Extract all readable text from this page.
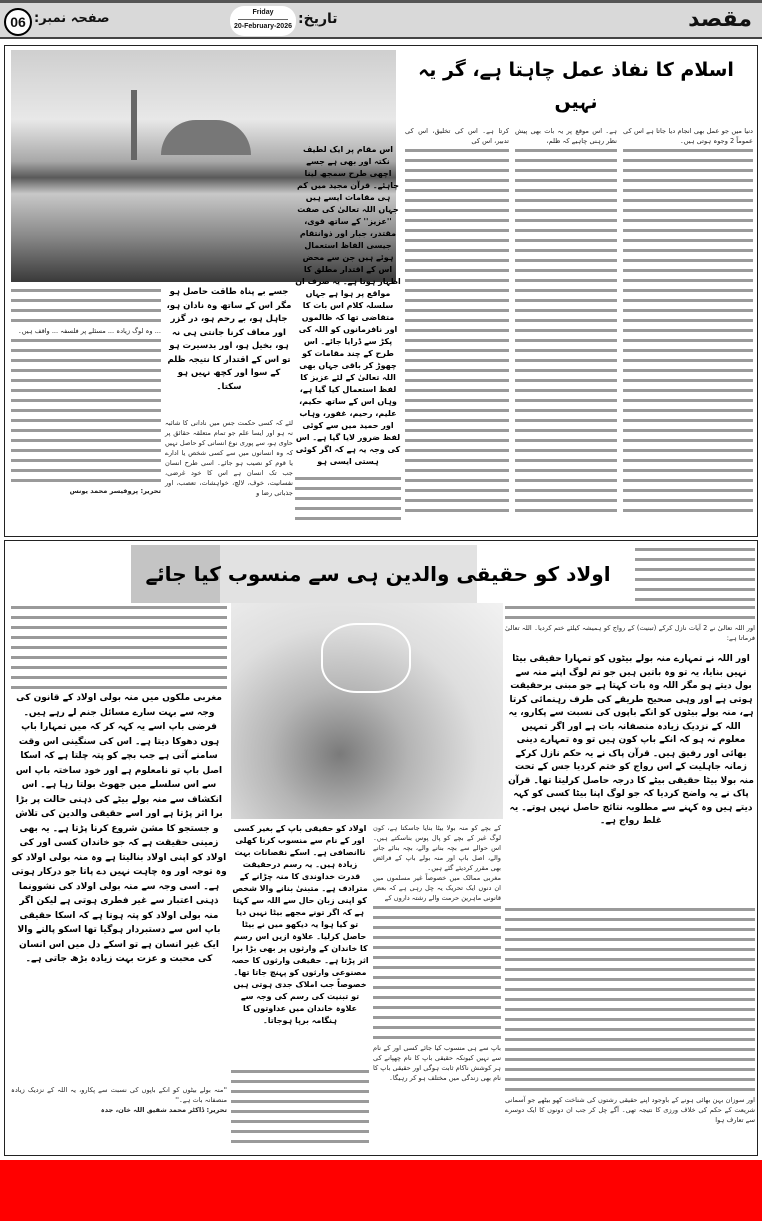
مقصد
تاریخ:
Friday
20-February-2026
صفحہ نمبر:
06
اسلام کا نفاذ عمل چاہتا ہے، گر یہ نہیں

دنیا میں جو عمل بھی انجام دیا جاتا ہے اس کی عموماً 2 وجوہ ہوتی ہیں۔

ہے۔ اس موقع پر یہ بات بھی پیش نظر رہنی چاہیے کہ ظلم،

کرتا ہے۔ اس کی تخلیق، اس کی تدبیر، اس کی

اس مقام پر ایک لطیف نکتہ اور بھی ہے جسے اچھی طرح سمجھ لینا چاہئے۔ قرآن مجید میں کم ہی مقامات ایسے ہیں جہاں اللہ تعالیٰ کی صفت ''عزیز'' کے ساتھ قوی، مقتدر، جبار اور ذوانتقام جیسی الفاظ استعمال ہوئے ہیں جن سے محض اس کے اقتدار مطلق کا اظہار ہوتا ہے۔ یہ صرف ان مواقع پر ہوا ہے جہاں سلسلہ کلام اس بات کا متقاضی تھا کہ ظالموں اور نافرمانوں کو اللہ کی پکڑ سے ڈرایا جائے۔ اس طرح کے چند مقامات کو چھوڑ کر باقی جہاں بھی اللہ تعالیٰ کے لئے عزیز کا لفظ استعمال کیا گیا ہے، وہاں اس کے ساتھ حکیم، علیم، رحیم، غفور، وہاب اور حمید میں سے کوئی لفظ ضرور لایا گیا ہے۔ اس کی وجہ یہ ہے کہ اگر کوئی ہستی ایسی ہو
جسے بے پناہ طاقت حاصل ہو مگر اس کے ساتھ وہ نادان ہو، جاہل ہو، بے رحم ہو، در گزر اور معاف کرنا جانتی ہی نہ ہو، بخیل ہو، اور بدسیرت ہو تو اس کے اقتدار کا نتیجہ ظلم کے سوا اور کچھ نہیں ہو سکتا۔

لئے کہ کسی حکمت جس میں نادانی کا شائبہ نہ ہو اور ایسا علم جو تمام متعلقہ حقائق پر حاوی ہو، سے پوری نوع انسانی کو حاصل نہیں کہ وہ انسانوں میں سے کسی شخص یا ادارے یا قوم کو نصیب ہو جائے۔ اسی طرح انسان جب تک انسان ہے اس کا خود غرضی، نفسانیت، خوف، لالچ، خواہشات، تعصب، اور جذباتی رضا و

... وہ لوگ زیادہ ... مسئلے پر فلسفہ ... واقف ہیں۔

تحریر: پروفیسر محمد یونس

اولاد کو حقیقی والدین ہی سے منسوب کیا جائے

اور اللہ تعالیٰ نے 2 آیات نازل کرکے (تبنیت) کے رواج کو ہمیشہ کیلئے ختم کردیا۔ اللہ تعالیٰ فرماتا ہے:

اور اللہ نے تمہارے منہ بولے بیٹوں کو تمہارا حقیقی بیٹا نہیں بنایا، یہ تو وہ باتیں ہیں جو تم لوگ اپنے منہ سے بول دیتے ہو مگر اللہ وہ بات کہتا ہے جو مبنی برحقیقت ہوتی ہے اور وہی صحیح طریقے کی طرف رہنمائی کرتا ہے، منہ بولے بیٹوں کو انکے باپوں کی نسبت سے پکارو، یہ اللہ کے نزدیک زیادہ منصفانہ بات ہے اور اگر تمہیں معلوم نہ ہو کہ انکے باپ کون ہیں تو وہ تمہارے دینی بھائی اور رفیق ہیں۔ قرآن پاک نے یہ حکم نازل کرکے زمانہ جاہلیت کے اس رواج کو ختم کردیا جس کے تحت منہ بولا بیٹا حقیقی بیٹے کا درجہ حاصل کرلیتا تھا۔ قرآن پاک نے یہ واضح کردیا کہ جو لوگ اپنا بیٹا کسی کو کہہ دیتے ہیں وہ کہنے سے مطلوبہ نتائج حاصل نہیں ہوتے۔ یہ غلط رواج ہے۔

اور سوزان بہن بھائی ہونے کے باوجود اپنے حقیقی رشتوں کی شناخت کھو بیٹھے جو آسمانی شریعت کے حکم کی خلاف ورزی کا نتیجہ تھی۔ آگے چل کر جب ان دونوں کا ایک دوسرے سے تعارف ہوا

مغربی ملکوں میں منہ بولی اولاد کے قانون کی وجہ سے بہت سارے مسائل جنم لے رہے ہیں۔ فرضی باپ اسے یہ کہہ کر کہ میں تمہارا باپ ہوں دھوکا دیتا ہے۔ اس کی سنگینی اس وقت سامنے آتی ہے جب بچے کو پتہ چلتا ہے کہ اسکا اصل باپ تو نامعلوم ہے اور خود ساختہ باپ اس سے اس سلسلے میں جھوٹ بولتا رہا ہے۔ اس انکشاف سے منہ بولے بیٹے کی ذہنی حالت پر بڑا برا اثر پڑتا ہے اور اسے حقیقی والدین کی تلاش و جستجو کا مشن شروع کرنا پڑتا ہے۔ یہ بھی زمینی حقیقت ہے کہ جو خاندان کسی اور کی اولاد کو اپنی اولاد بنالیتا ہے وہ منہ بولی اولاد کو وہ توجہ اور وہ چاہت نہیں دے پاتا جو درکار ہوتی ہے۔ اسی وجہ سے منہ بولی اولاد کی نشوونما ذہنی اعتبار سے غیر فطری ہوتی ہے لیکن اگر منہ بولی اولاد کو پتہ ہوتا ہے کہ اسکا حقیقی باپ اس سے دستبردار ہوگیا تھا اسکو پالنے والا ایک غیر انسان ہے تو اسکے دل میں اس انسان کی محبت و عزت بہت زیادہ بڑھ جاتی ہے۔

''منہ بولے بیٹوں کو انکے باپوں کی نسبت سے پکارو، یہ اللہ کے نزدیک زیادہ منصفانہ بات ہے۔''

تحریر: ڈاکٹر محمد شفیق اللہ خان، جدہ

اولاد کو حقیقی باپ کے بغیر کسی اور کے نام سے منسوب کرنا کھلی ناانصافی ہے۔ اسکے نقصانات بہت زیادہ ہیں۔ یہ رسم درحقیقت قدرت خداوندی کا منہ چڑانے کے مترادف ہے۔ متبنیٰ بنانے والا شخص کو اپنی زبان حال سے اللہ سے کہتا ہے کہ اگر تونے مجھے بیٹا نہیں دیا تو کیا ہوا یہ دیکھو میں نے بیٹا حاصل کرلیا۔ علاوہ ازیں اس رسم کا خاندان کے وارثوں پر بھی بڑا برا اثر پڑتا ہے۔ حقیقی وارثوں کا حصہ مصنوعی وارثوں کو پہنچ جاتا تھا۔ خصوصاً جب املاک جدی ہوتی ہیں تو تبنیت کی رسم کی وجہ سے علاوہ خاندان میں عداوتوں کا ہنگامہ برپا ہوجاتا۔

کے بچے کو منہ بولا بیٹا بنایا جاسکتا ہے، کون لوگ غیر کے بچے کو پال پوس بناسکتے ہیں۔ اس حوالے سے بچہ بنانے والے، بچہ بنائے جانے والے، اصل باپ اور منہ بولے باپ کے فرائض بھی مقرر کردیئے گئے ہیں۔

مغربی ممالک میں خصوصاً غیر مسلموں میں ان دنوں ایک تحریک یہ چل رہی ہے کہ بعض قانونی ماہرین حرمت والے رشتہ داروں کے

باپ سے ہی منسوب کیا جائے کسی اور کے نام سے نہیں کیونکہ حقیقی باپ کا نام چھپانے کی ہر کوشش ناکام ثابت ہوگی اور حقیقی باپ کا نام بھی زندگی میں مختلف ہو کر رہیگا۔
